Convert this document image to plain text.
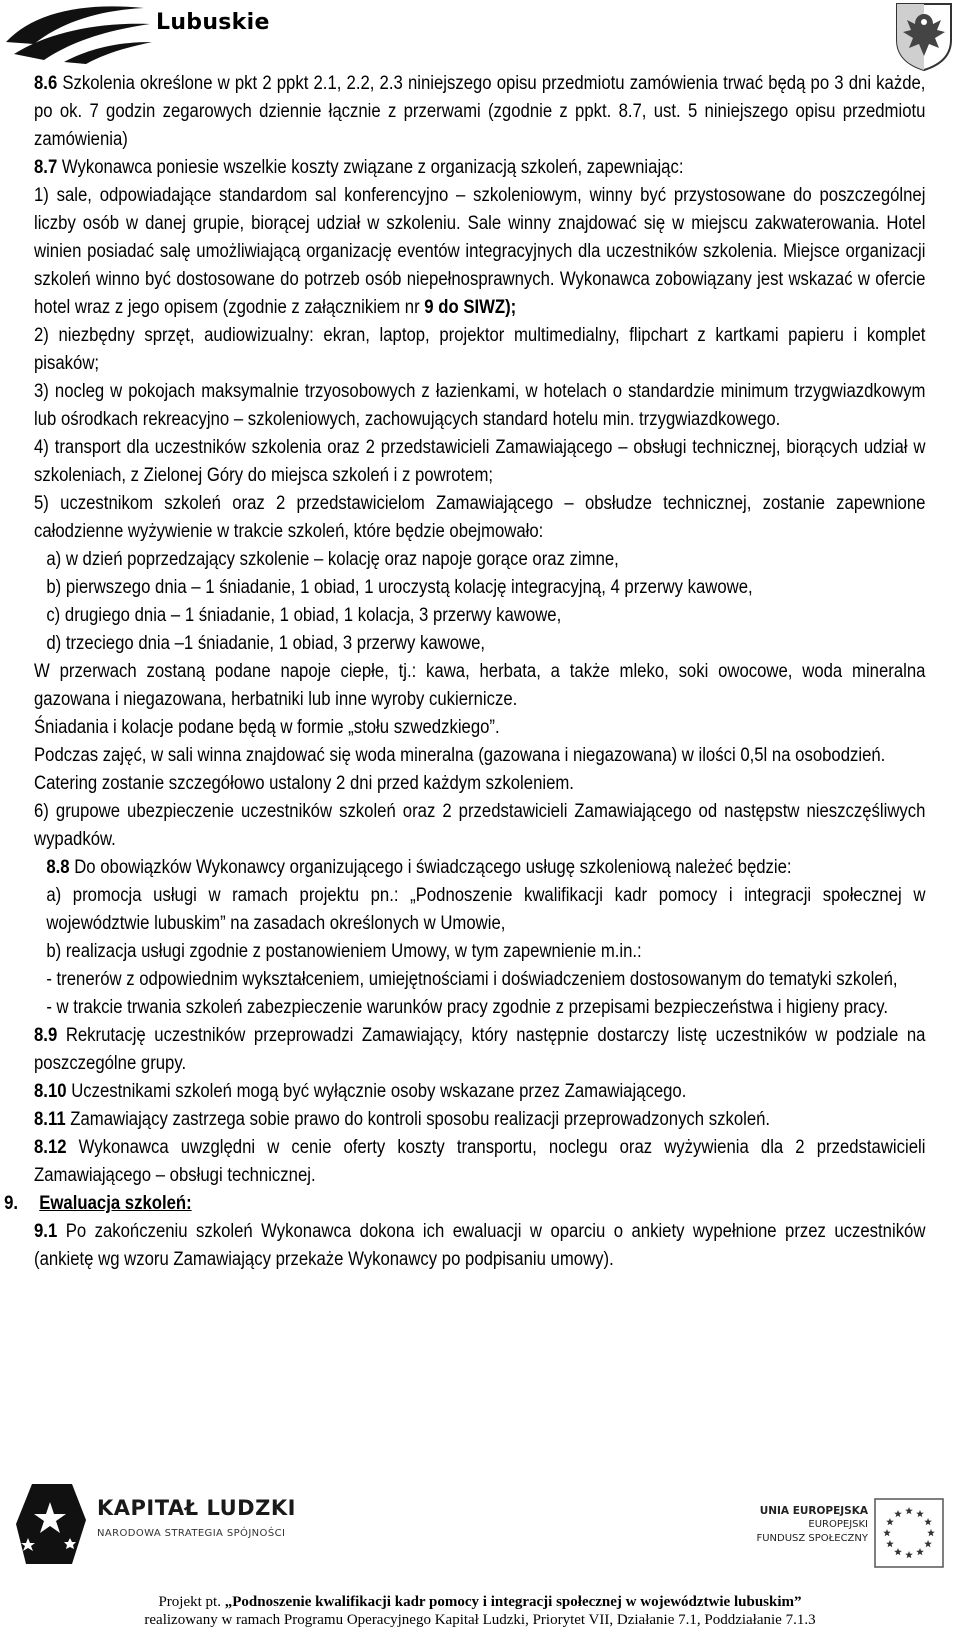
Lubuskie

8.6 Szkolenia określone w pkt 2 ppkt 2.1, 2.2, 2.3 niniejszego opisu przedmiotu zamówienia trwać będą po 3 dni każde, po ok. 7 godzin zegarowych dziennie łącznie z przerwami (zgodnie z ppkt. 8.7, ust. 5 niniejszego opisu przedmiotu zamówienia)

8.7 Wykonawca poniesie wszelkie koszty związane z organizacją szkoleń, zapewniając:

1) sale, odpowiadające standardom sal konferencyjno – szkoleniowym, winny być przystosowane do poszczególnej liczby osób w danej grupie, biorącej udział w szkoleniu. Sale winny znajdować się w miejscu zakwaterowania. Hotel winien posiadać salę umożliwiającą organizację eventów integracyjnych dla uczestników szkolenia. Miejsce organizacji szkoleń winno być dostosowane do potrzeb osób niepełnosprawnych. Wykonawca zobowiązany jest wskazać w ofercie hotel wraz z jego opisem (zgodnie z załącznikiem nr 9 do SIWZ);

2) niezbędny sprzęt, audiowizualny: ekran, laptop, projektor multimedialny, flipchart z kartkami papieru i komplet pisaków;

3) nocleg w pokojach maksymalnie trzyosobowych z łazienkami, w hotelach o standardzie minimum trzygwiazdkowym lub ośrodkach rekreacyjno – szkoleniowych, zachowujących standard hotelu min. trzygwiazdkowego.

4) transport dla uczestników szkolenia oraz 2 przedstawicieli Zamawiającego – obsługi technicznej, biorących udział w szkoleniach, z Zielonej Góry do miejsca szkoleń i z powrotem;

5) uczestnikom szkoleń oraz 2 przedstawicielom Zamawiającego – obsłudze technicznej, zostanie zapewnione całodzienne wyżywienie w trakcie szkoleń, które będzie obejmowało:

a) w dzień poprzedzający szkolenie – kolację oraz napoje gorące oraz zimne,

b) pierwszego dnia – 1 śniadanie, 1 obiad, 1 uroczystą kolację integracyjną, 4 przerwy kawowe,

c) drugiego dnia – 1 śniadanie, 1 obiad, 1 kolacja, 3 przerwy kawowe,

d) trzeciego dnia –1 śniadanie, 1 obiad, 3 przerwy kawowe,

W przerwach zostaną podane napoje ciepłe, tj.: kawa, herbata, a także mleko, soki owocowe, woda mineralna gazowana i niegazowana, herbatniki lub inne wyroby cukiernicze.

Śniadania i kolacje podane będą w formie „stołu szwedzkiego”.

Podczas zajęć, w sali winna znajdować się woda mineralna (gazowana i niegazowana) w ilości 0,5l na osobodzień.

Catering zostanie szczegółowo ustalony 2 dni przed każdym szkoleniem.

6) grupowe ubezpieczenie uczestników szkoleń oraz 2 przedstawicieli Zamawiającego od następstw nieszczęśliwych wypadków.

8.8 Do obowiązków Wykonawcy organizującego i świadczącego usługę szkoleniową należeć będzie:

a) promocja usługi w ramach projektu pn.: „Podnoszenie kwalifikacji kadr pomocy i integracji społecznej w województwie lubuskim” na zasadach określonych w Umowie,

b) realizacja usługi zgodnie z postanowieniem Umowy, w tym zapewnienie m.in.:

- trenerów z odpowiednim wykształceniem, umiejętnościami i doświadczeniem dostosowanym do tematyki szkoleń,

- w trakcie trwania szkoleń zabezpieczenie warunków pracy zgodnie z przepisami bezpieczeństwa i higieny pracy.

8.9 Rekrutację uczestników przeprowadzi Zamawiający, który następnie dostarczy listę uczestników w podziale na poszczególne grupy.

8.10 Uczestnikami szkoleń mogą być wyłącznie osoby wskazane przez Zamawiającego.

8.11 Zamawiający zastrzega sobie prawo do kontroli sposobu realizacji przeprowadzonych szkoleń.

8.12 Wykonawca uwzględni w cenie oferty koszty transportu, noclegu oraz wyżywienia dla 2 przedstawicieli Zamawiającego – obsługi technicznej.

9. Ewaluacja szkoleń:

9.1 Po zakończeniu szkoleń Wykonawca dokona ich ewaluacji w oparciu o ankiety wypełnione przez uczestników (ankietę wg wzoru Zamawiający przekaże Wykonawcy po podpisaniu umowy).

KAPITAŁ LUDZKI
NARODOWA STRATEGIA SPÓJNOŚCI
UNIA EUROPEJSKA
EUROPEJSKI
FUNDUSZ SPOŁECZNY
Projekt pt. „Podnoszenie kwalifikacji kadr pomocy i integracji społecznej w województwie lubuskim”
realizowany w ramach Programu Operacyjnego Kapitał Ludzki, Priorytet VII, Działanie 7.1, Poddziałanie 7.1.3
